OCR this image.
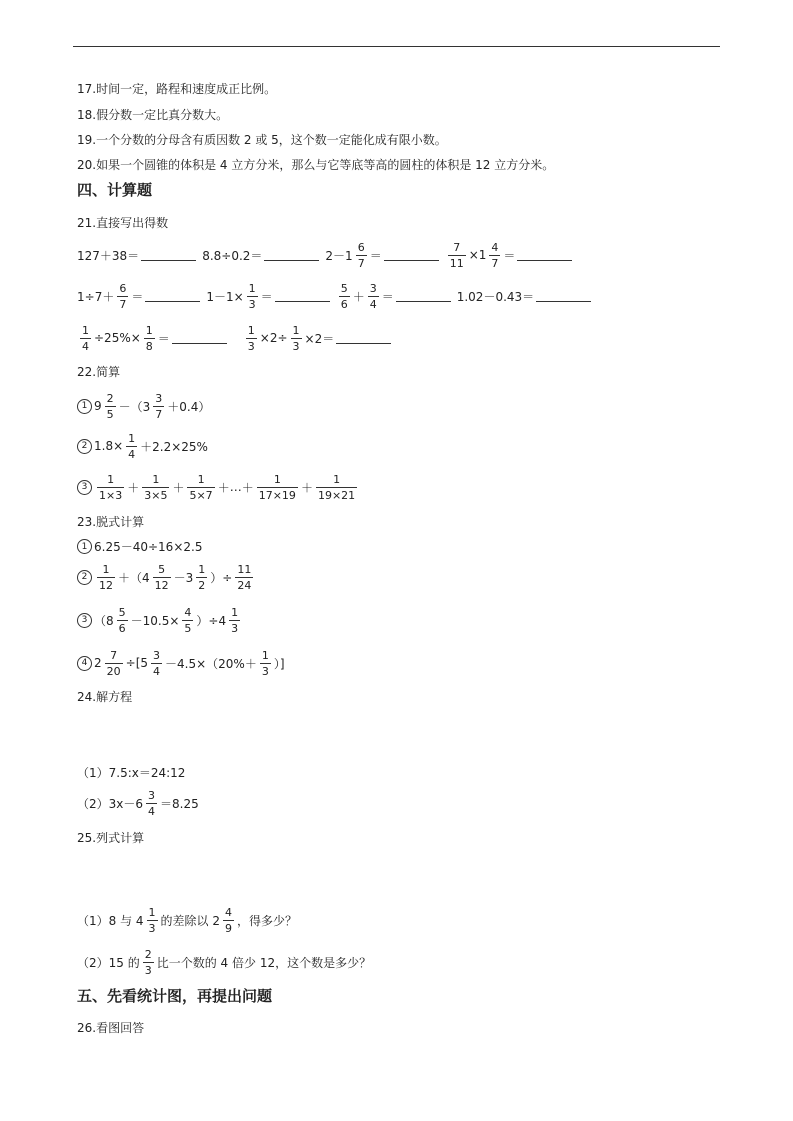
17.时间一定，路程和速度成正比例。
18.假分数一定比真分数大。
19.一个分数的分母含有质因数 2 或 5，这个数一定能化成有限小数。
20.如果一个圆锥的体积是 4 立方分米，那么与它等底等高的圆柱的体积是 12 立方分米。
四、计算题
21.直接写出得数
127＋38＝	8.8÷0.2＝	$2-1 \frac{6}{7}$ ＝	$\frac{7}{11} \times 1 \frac{4}{7}$ ＝
$1\div 7+ \frac{6}{7}$ ＝	$1-1\times \frac{1}{3}$ ＝	$\frac{5}{6} + \frac{3}{4}$ ＝	1.02－0.43＝
$\frac{1}{4} \div 25\%\times \frac{1}{8}$ ＝	$\frac{1}{3} \times 2\div \frac{1}{3} \times 2=$
22.简算
1 $9 \frac{2}{5} -(3 \frac{3}{7} +0.4)$
2 $1.8\times \frac{1}{4} +2.2\times 25\%$
$3 \frac{1}{1\times 3} + \frac{1}{3\times 5} + \frac{1}{5\times 7}$ ＋ … ＋ $\frac{1}{17\times 19} + \frac{1}{19\times 21}$
23.脱式计算
1 6.25－40÷16×2.5
$2 \frac{1}{12} +(4 \frac{5}{12} -3 \frac{1}{2}$ ）÷ $\frac{11}{24}$
3 $(8 \frac{5}{6} -10.5\times \frac{4}{5} )\div 4 \frac{1}{3}$
4 $2 \frac{7}{20} \div[5 \frac{3}{4} -4.5\times(20\%+ \frac{1}{3}$ ）]
24.解方程
（1）7.5:x＝24:12
$(2)3x-6 \frac{3}{4} =8.25$
25.列式计算
（1）8 与 $4 \frac{1}{3}$ 的差除以 $2 \frac{4}{9}$ ，得多少？
（2）15 的 $\frac{2}{3}$ 比一个数的 4 倍少 12，这个数是多少？
五、先看统计图，再提出问题
26.看图回答
